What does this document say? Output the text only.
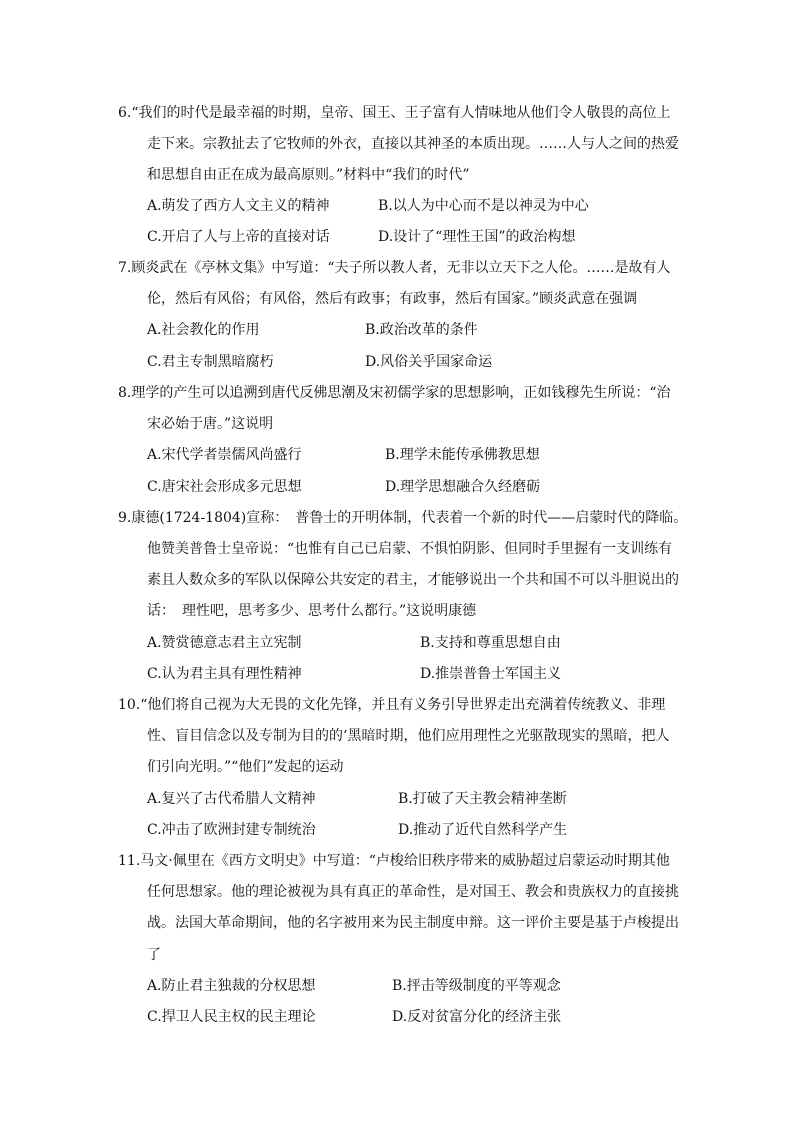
6.“我们的时代是最幸福的时期，皇帝、国王、王子富有人情味地从他们令人敬畏的高位上
走下来。宗教扯去了它牧师的外衣，直接以其神圣的本质出现。……人与人之间的热爱
和思想自由正在成为最高原则。”材料中“我们的时代”
A.萌发了西方人文主义的精神	B.以人为中心而不是以神灵为中心
C.开启了人与上帝的直接对话	D.设计了“理性王国”的政治构想
7.顾炎武在《亭林文集》中写道：“夫子所以教人者，无非以立天下之人伦。……是故有人
伦，然后有风俗；有风俗，然后有政事；有政事，然后有国家。”顾炎武意在强调
A.社会教化的作用	B.政治改革的条件
C.君主专制黑暗腐朽	D.风俗关乎国家命运
8.理学的产生可以追溯到唐代反佛思潮及宋初儒学家的思想影响，正如钱穆先生所说：“治
宋必始于唐。”这说明
A.宋代学者崇儒风尚盛行	B.理学未能传承佛教思想
C.唐宋社会形成多元思想	D.理学思想融合久经磨砺
9.康德(1724-1804)宣称：　普鲁士的开明体制，代表着一个新的时代——启蒙时代的降临。
他赞美普鲁士皇帝说：“也惟有自己已启蒙、不惧怕阴影、但同时手里握有一支训练有
素且人数众多的军队以保障公共安定的君主，才能够说出一个共和国不可以斗胆说出的
话：　理性吧，思考多少、思考什么都行。”这说明康德
A.赞赏德意志君主立宪制	B.支持和尊重思想自由
C.认为君主具有理性精神	D.推崇普鲁士军国主义
10.“他们将自己视为大无畏的文化先锋，并且有义务引导世界走出充满着传统教义、非理
性、盲目信念以及专制为目的的‘黑暗时期，他们应用理性之光驱散现实的黑暗，把人
们引向光明。”“他们”发起的运动
A.复兴了古代希腊人文精神	B.打破了天主教会精神垄断
C.冲击了欧洲封建专制统治	D.推动了近代自然科学产生
11.马文·佩里在《西方文明史》中写道：“卢梭给旧秩序带来的威胁超过启蒙运动时期其他
任何思想家。他的理论被视为具有真正的革命性，是对国王、教会和贵族权力的直接挑
战。法国大革命期间，他的名字被用来为民主制度申辩。这一评价主要是基于卢梭提出
了
A.防止君主独裁的分权思想	B.抨击等级制度的平等观念
C.捍卫人民主权的民主理论	D.反对贫富分化的经济主张
